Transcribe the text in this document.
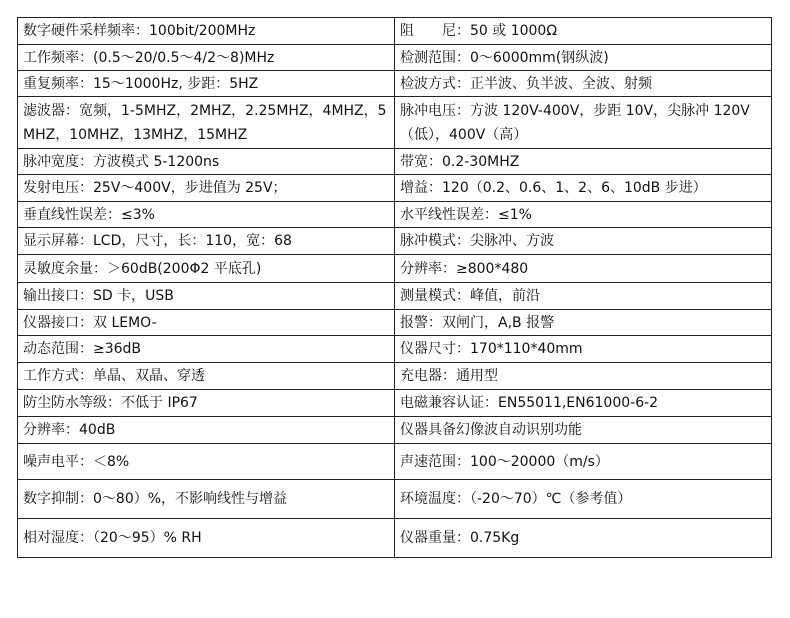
数字硬件采样频率：100bit/200MHz	阻　　尼：50 或 1000Ω
工作频率：(0.5～20/0.5～4/2～8)MHz	检测范围：0～6000mm(钢纵波)
重复频率：15～1000Hz, 步距：5HZ	检波方式：正半波、负半波、全波、射频
滤波器：宽频，1-5MHZ，2MHZ，2.25MHZ，4MHZ，5MHZ，10MHZ，13MHZ，15MHZ	脉冲电压：方波 120V-400V，步距 10V，尖脉冲 120V（低），400V（高）
脉冲宽度：方波模式 5-1200ns	带宽：0.2-30MHZ
发射电压：25V～400V，步进值为 25V；	增益：120（0.2、0.6、1、2、6、10dB 步进）
垂直线性误差：≤3%	水平线性误差：≤1%
显示屏幕：LCD，尺寸，长：110，宽：68	脉冲模式：尖脉冲、方波
灵敏度余量：＞60dB(200Φ2 平底孔)	分辨率：≥800*480
输出接口：SD 卡，USB	测量模式：峰值，前沿
仪器接口：双 LEMO-	报警：双闸门，A,B 报警
动态范围：≥36dB	仪器尺寸：170*110*40mm
工作方式：单晶、双晶、穿透	充电器：通用型
防尘防水等级：不低于 IP67	电磁兼容认证：EN55011,EN61000-6-2
分辨率：40dB	仪器具备幻像波自动识别功能
噪声电平：＜8%	声速范围：100～20000（m/s）
数字抑制：0～80）%，不影响线性与增益	环境温度：（-20～70）℃（参考值）
相对湿度：（20～95）% RH	仪器重量：0.75Kg
